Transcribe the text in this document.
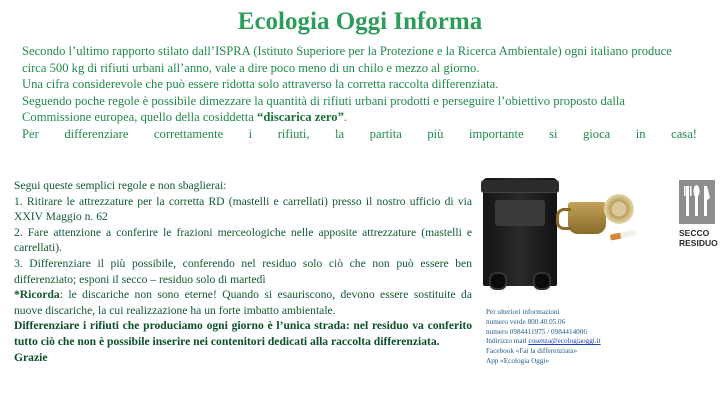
Ecologia Oggi Informa

Secondo l’ultimo rapporto stilato dall’ISPRA (Istituto Superiore per la Protezione e la Ricerca Ambientale) ogni italiano produce circa 500 kg di rifiuti urbani all’anno, vale a dire poco meno di un chilo e mezzo al giorno.

Una cifra considerevole che può essere ridotta solo attraverso la corretta raccolta differenziata.

Seguendo poche regole è possibile dimezzare la quantità di rifiuti urbani prodotti e perseguire l’obiettivo proposto dalla Commissione europea, quello della cosiddetta “discarica zero”.

Per differenziare correttamente i rifiuti, la partita più importante si gioca in casa!

Segui queste semplici regole e non sbaglierai:

1. Ritirare le attrezzature per la corretta RD (mastelli e carrellati) presso il nostro ufficio di via XXIV Maggio n. 62

2. Fare attenzione a conferire le frazioni merceologiche nelle apposite attrezzature (mastelli e carrellati).

3. Differenziare il più possibile, conferendo nel residuo solo ciò che non può essere ben differenziato; esponi il secco – residuo solo di martedì

*Ricorda: le discariche non sono eterne! Quando si esauriscono, devono essere sostituite da nuove discariche, la cui realizzazione ha un forte imbatto ambientale.

Differenziare i rifiuti che produciamo ogni giorno è l’unica strada: nel residuo va conferito tutto ciò che non è possibile inserire nei contenitori dedicati alla raccolta differenziata.

Grazie

SECCO
RESIDUO
Per ulteriori informazioni
numero verde 800.40.05.06
numero 0984411975 / 0984414006
Indirizzo mail cosenza@ecologiaoggi.it
Facebook «Fai la differenziata»
App «Ecologia Oggi»
